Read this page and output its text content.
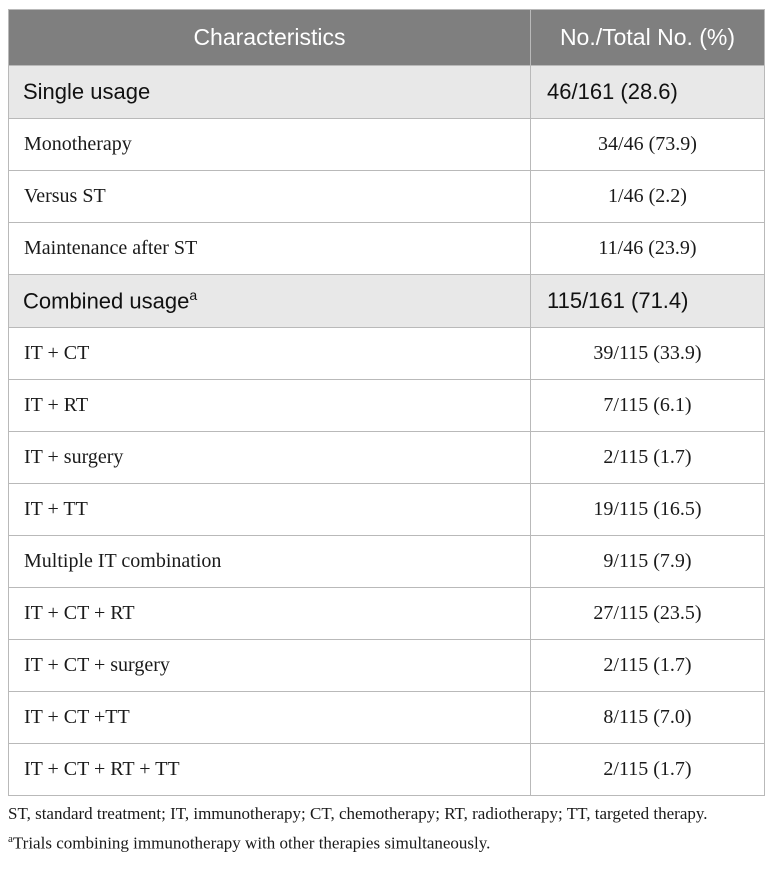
Characteristics	No./Total No. (%)
Single usage	46/161 (28.6)
Monotherapy	34/46 (73.9)
Versus ST	1/46 (2.2)
Maintenance after ST	11/46 (23.9)
Combined usage$^a$	115/161 (71.4)
IT + CT	39/115 (33.9)
IT + RT	7/115 (6.1)
IT + surgery	2/115 (1.7)
IT + TT	19/115 (16.5)
Multiple IT combination	9/115 (7.9)
IT + CT + RT	27/115 (23.5)
IT + CT + surgery	2/115 (1.7)
IT + CT +TT	8/115 (7.0)
IT + CT + RT + TT	2/115 (1.7)

ST, standard treatment; IT, immunotherapy; CT, chemotherapy; RT, radiotherapy; TT, targeted therapy.

$^a$Trials combining immunotherapy with other therapies simultaneously.
